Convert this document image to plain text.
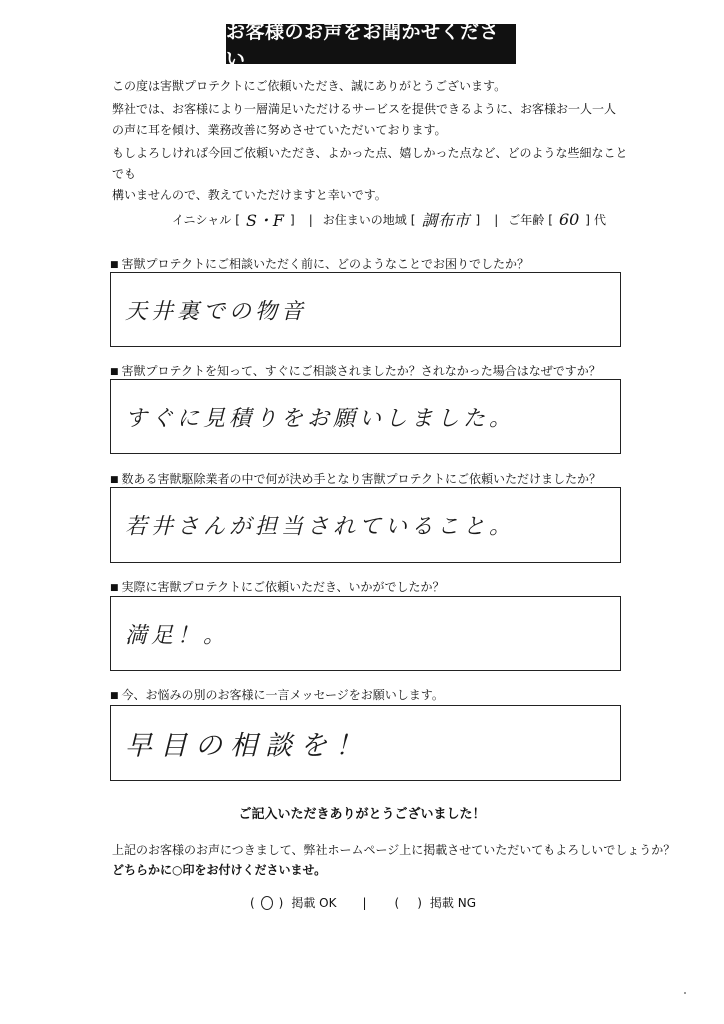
お客様のお声をお聞かせください

この度は害獣プロテクトにご依頼いただき、誠にありがとうございます。

弊社では、お客様により一層満足いただけるサービスを提供できるように、お客様お一人一人

の声に耳を傾け、業務改善に努めさせていただいております。

もしよろしければ今回ご依頼いただき、よかった点、嬉しかった点など、どのような些細なことでも

構いませんので、教えていただけますと幸いです。

イニシャル [ S・F ] | お住まいの地域 [ 調布市 ] | ご年齢 [ 60 ] 代
■ 害獣プロテクトにご相談いただく前に、どのようなことでお困りでしたか？
天井裏での物音
■ 害獣プロテクトを知って、すぐにご相談されましたか？されなかった場合はなぜですか？
すぐに見積りをお願いしました。
■ 数ある害獣駆除業者の中で何が決め手となり害獣プロテクトにご依頼いただけましたか？
若井さんが担当されていること。
■ 実際に害獣プロテクトにご依頼いただき、いかがでしたか？
満足！。
■ 今、お悩みの別のお客様に一言メッセージをお願いします。
早目の相談を！
ご記入いただきありがとうございました！

上記のお客様のお声につきまして、弊社ホームページ上に掲載させていただいてもよろしいでしょうか？

どちらかに○印をお付けくださいませ。

( ○ ) 掲載 OK | ( ) 掲載 NG
